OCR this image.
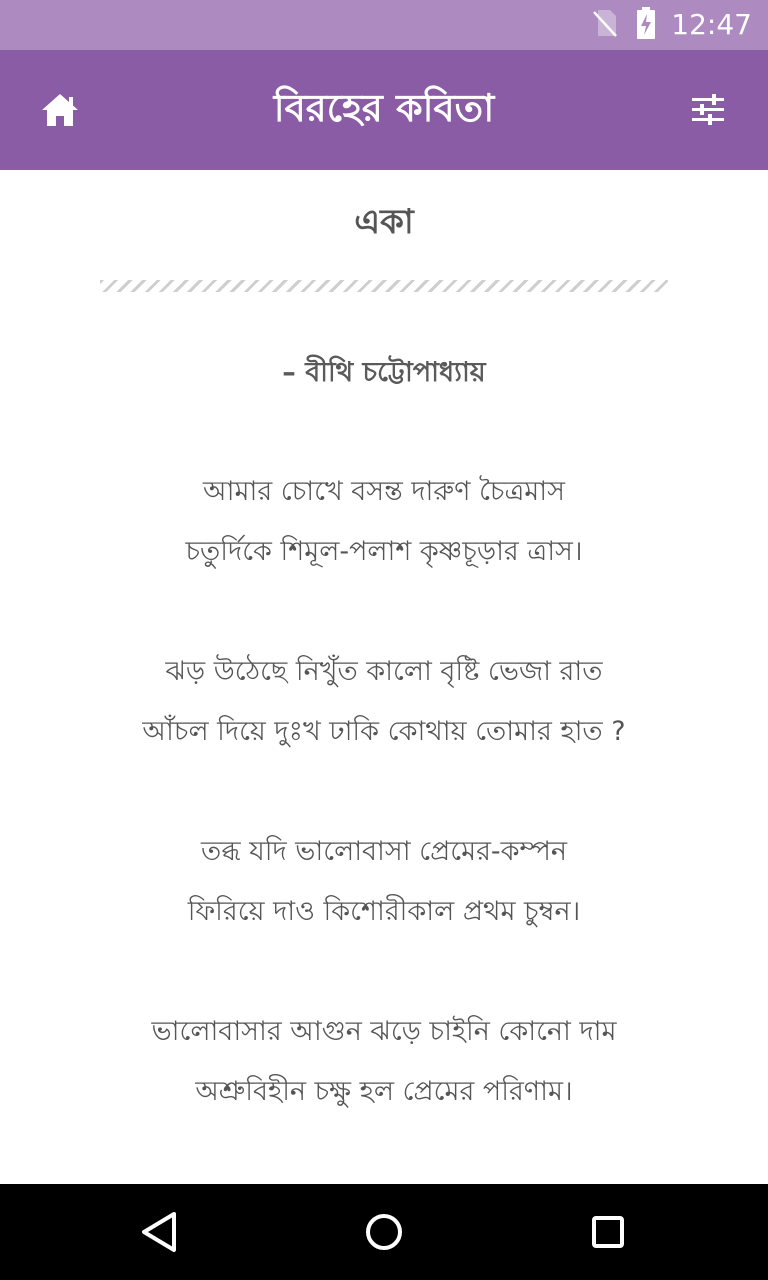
12:47
বিরহের কবিতা
একা
– বীথি চট্টোপাধ্যায়
আমার চোখে বসন্ত দারুণ চৈত্রমাস
চতুর্দিকে শিমূল-পলাশ কৃষ্ণচূড়ার ত্রাস।
ঝড় উঠেছে নিখুঁত কালো বৃষ্টি ভেজা রাত
আঁচল দিয়ে দুঃখ ঢাকি কোথায় তোমার হাত ?
তব্ধ যদি ভালোবাসা প্রেমের-কম্পন
ফিরিয়ে দাও কিশোরীকাল প্রথম চুম্বন।
ভালোবাসার আগুন ঝড়ে চাইনি কোনো দাম
অশ্রুবিহীন চক্ষু হল প্রেমের পরিণাম।
